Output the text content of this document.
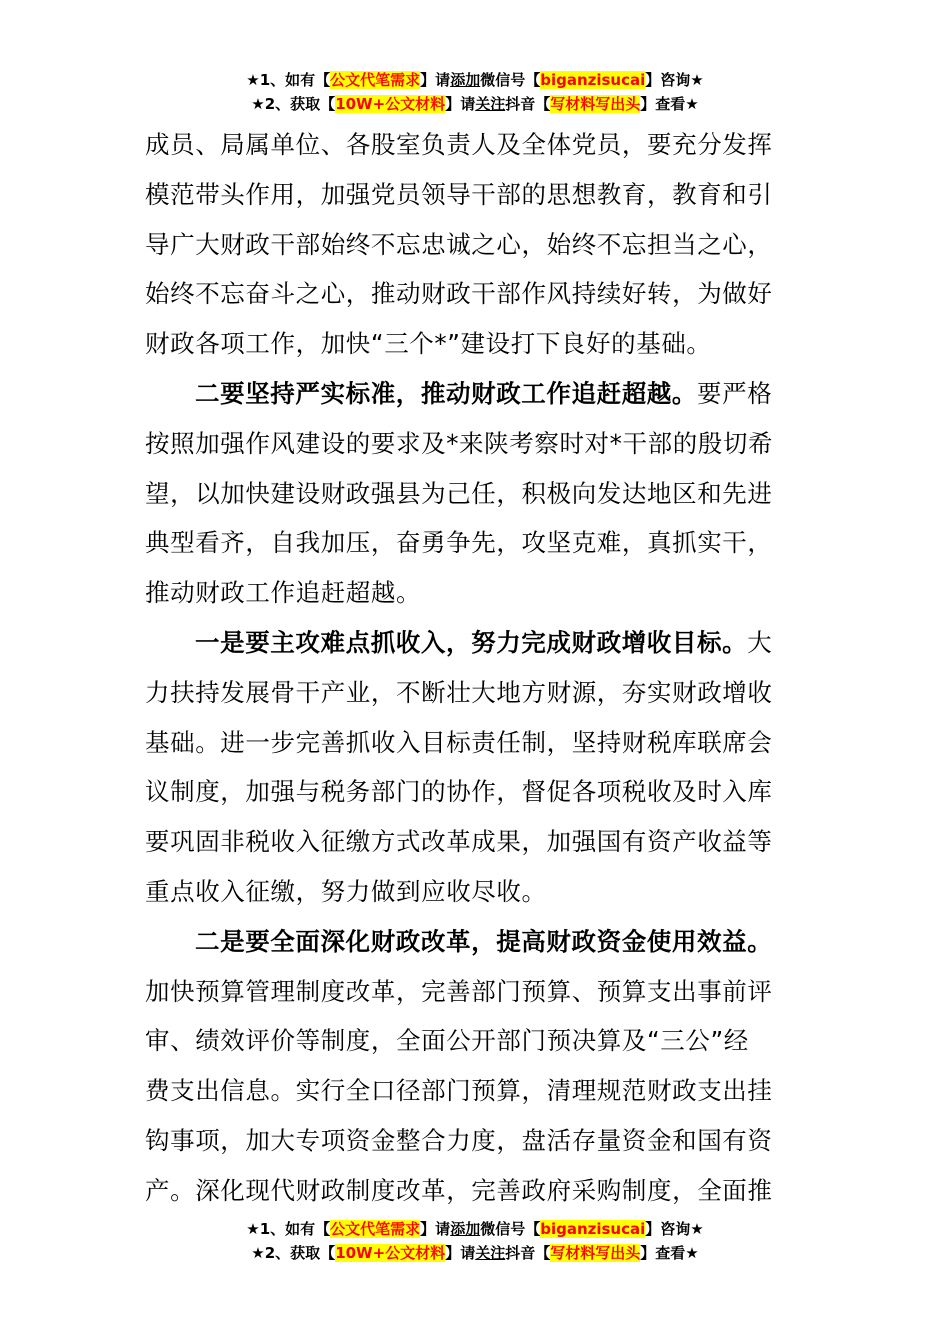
★1、如有【公文代笔需求】请添加微信号【biganzisucai】咨询★
★2、获取【10W+公文材料】请关注抖音【写材料写出头】查看★
成员、局属单位、各股室负责人及全体党员，要充分发挥
模范带头作用，加强党员领导干部的思想教育，教育和引
导广大财政干部始终不忘忠诚之心，始终不忘担当之心，
始终不忘奋斗之心，推动财政干部作风持续好转，为做好
财政各项工作，加快“三个*”建设打下良好的基础。
二要坚持严实标准，推动财政工作追赶超越。要严格
按照加强作风建设的要求及*来陕考察时对*干部的殷切希
望，以加快建设财政强县为己任，积极向发达地区和先进
典型看齐，自我加压，奋勇争先，攻坚克难，真抓实干，
推动财政工作追赶超越。
一是要主攻难点抓收入，努力完成财政增收目标。大
力扶持发展骨干产业，不断壮大地方财源，夯实财政增收
基础。进一步完善抓收入目标责任制，坚持财税库联席会
议制度，加强与税务部门的协作，督促各项税收及时入库
要巩固非税收入征缴方式改革成果，加强国有资产收益等
重点收入征缴，努力做到应收尽收。
二是要全面深化财政改革，提高财政资金使用效益。
加快预算管理制度改革，完善部门预算、预算支出事前评
审、绩效评价等制度，全面公开部门预决算及“三公”经
费支出信息。实行全口径部门预算，清理规范财政支出挂
钩事项，加大专项资金整合力度，盘活存量资金和国有资
产。深化现代财政制度改革，完善政府采购制度，全面推
★1、如有【公文代笔需求】请添加微信号【biganzisucai】咨询★
★2、获取【10W+公文材料】请关注抖音【写材料写出头】查看★
